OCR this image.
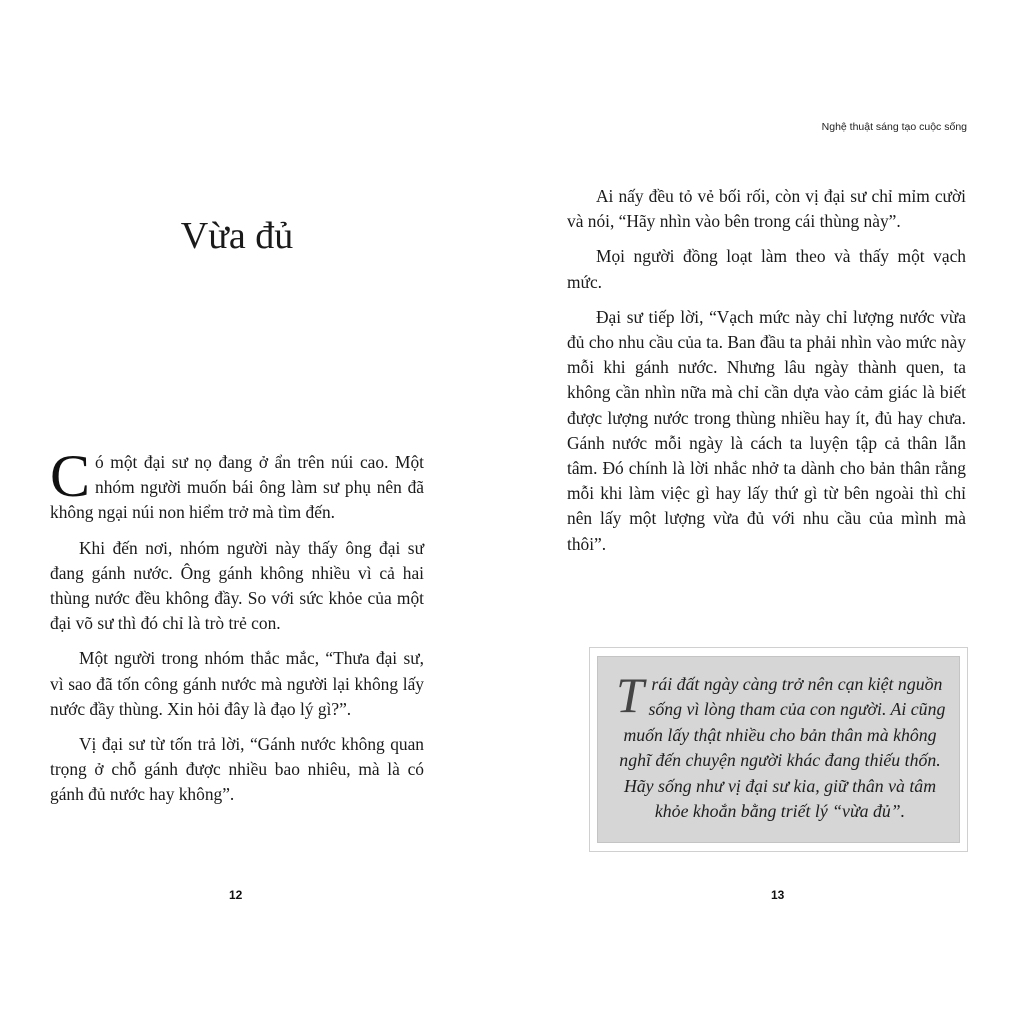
Vừa đủ

Có một đại sư nọ đang ở ẩn trên núi cao. Một nhóm người muốn bái ông làm sư phụ nên đã không ngại núi non hiểm trở mà tìm đến.

Khi đến nơi, nhóm người này thấy ông đại sư đang gánh nước. Ông gánh không nhiều vì cả hai thùng nước đều không đầy. So với sức khỏe của một đại võ sư thì đó chỉ là trò trẻ con.

Một người trong nhóm thắc mắc, “Thưa đại sư, vì sao đã tốn công gánh nước mà người lại không lấy nước đầy thùng. Xin hỏi đây là đạo lý gì?”.

Vị đại sư từ tốn trả lời, “Gánh nước không quan trọng ở chỗ gánh được nhiều bao nhiêu, mà là có gánh đủ nước hay không”.

12
Nghệ thuật sáng tạo cuộc sống

Ai nấy đều tỏ vẻ bối rối, còn vị đại sư chỉ mỉm cười và nói, “Hãy nhìn vào bên trong cái thùng này”.

Mọi người đồng loạt làm theo và thấy một vạch mức.

Đại sư tiếp lời, “Vạch mức này chỉ lượng nước vừa đủ cho nhu cầu của ta. Ban đầu ta phải nhìn vào mức này mỗi khi gánh nước. Nhưng lâu ngày thành quen, ta không cần nhìn nữa mà chỉ cần dựa vào cảm giác là biết được lượng nước trong thùng nhiều hay ít, đủ hay chưa. Gánh nước mỗi ngày là cách ta luyện tập cả thân lẫn tâm. Đó chính là lời nhắc nhở ta dành cho bản thân rằng mỗi khi làm việc gì hay lấy thứ gì từ bên ngoài thì chỉ nên lấy một lượng vừa đủ với nhu cầu của mình mà thôi”.

Trái đất ngày càng trở nên cạn kiệt nguồn sống vì lòng tham của con người. Ai cũng muốn lấy thật nhiều cho bản thân mà không nghĩ đến chuyện người khác đang thiếu thốn. Hãy sống như vị đại sư kia, giữ thân và tâm khỏe khoắn bằng triết lý “vừa đủ”.

13
